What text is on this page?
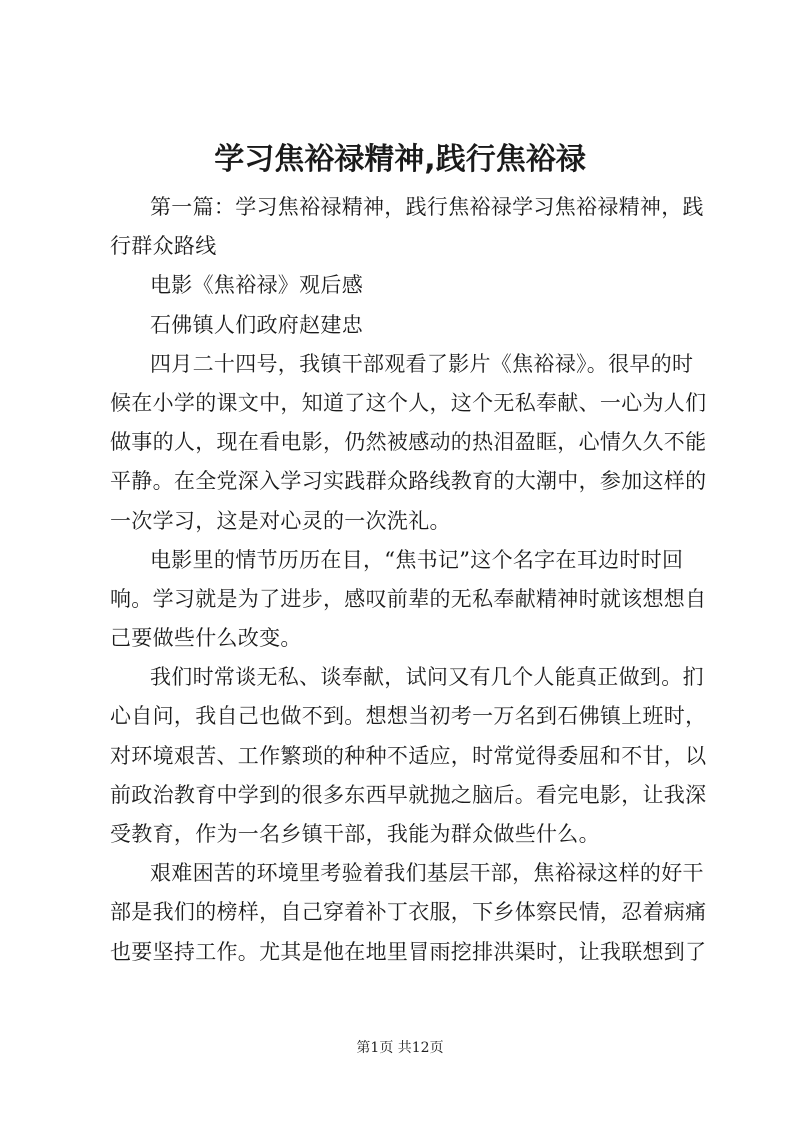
学习焦裕禄精神,践行焦裕禄
第一篇：学习焦裕禄精神，践行焦裕禄学习焦裕禄精神，践
行群众路线
电影《焦裕禄》观后感
石佛镇人们政府赵建忠
四月二十四号，我镇干部观看了影片《焦裕禄》。很早的时
候在小学的课文中，知道了这个人，这个无私奉献、一心为人们
做事的人，现在看电影，仍然被感动的热泪盈眶，心情久久不能
平静。在全党深入学习实践群众路线教育的大潮中，参加这样的
一次学习，这是对心灵的一次洗礼。
电影里的情节历历在目，“焦书记”这个名字在耳边时时回
响。学习就是为了进步，感叹前辈的无私奉献精神时就该想想自
己要做些什么改变。
我们时常谈无私、谈奉献，试问又有几个人能真正做到。扪
心自问，我自己也做不到。想想当初考一万名到石佛镇上班时，
对环境艰苦、工作繁琐的种种不适应，时常觉得委屈和不甘，以
前政治教育中学到的很多东西早就抛之脑后。看完电影，让我深
受教育，作为一名乡镇干部，我能为群众做些什么。
艰难困苦的环境里考验着我们基层干部，焦裕禄这样的好干
部是我们的榜样，自己穿着补丁衣服，下乡体察民情，忍着病痛
也要坚持工作。尤其是他在地里冒雨挖排洪渠时，让我联想到了
第1页 共12页
